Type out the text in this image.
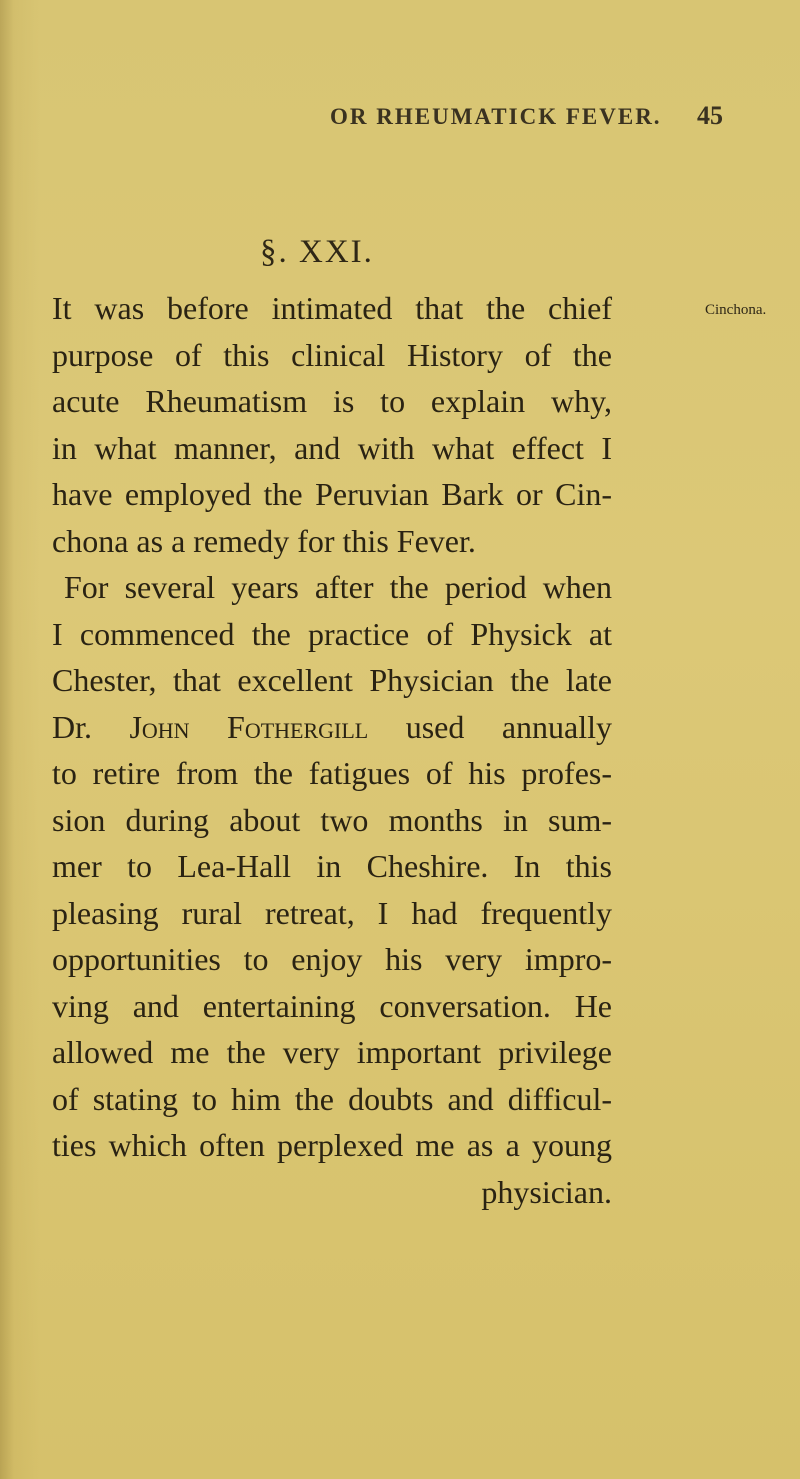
OR RHEUMATICK FEVER. 45
§. XXI.
Cinchona.
It was before intimated that the chief
purpose of this clinical History of the
acute Rheumatism is to explain why,
in what manner, and with what effect I
have employed the Peruvian Bark or Cin-
chona as a remedy for this Fever.
For several years after the period when
I commenced the practice of Physick at
Chester, that excellent Physician the late
Dr. John Fothergill used annually
to retire from the fatigues of his profes-
sion during about two months in sum-
mer to Lea-Hall in Cheshire. In this
pleasing rural retreat, I had frequently
opportunities to enjoy his very impro-
ving and entertaining conversation. He
allowed me the very important privilege
of stating to him the doubts and difficul-
ties which often perplexed me as a young
physician.
